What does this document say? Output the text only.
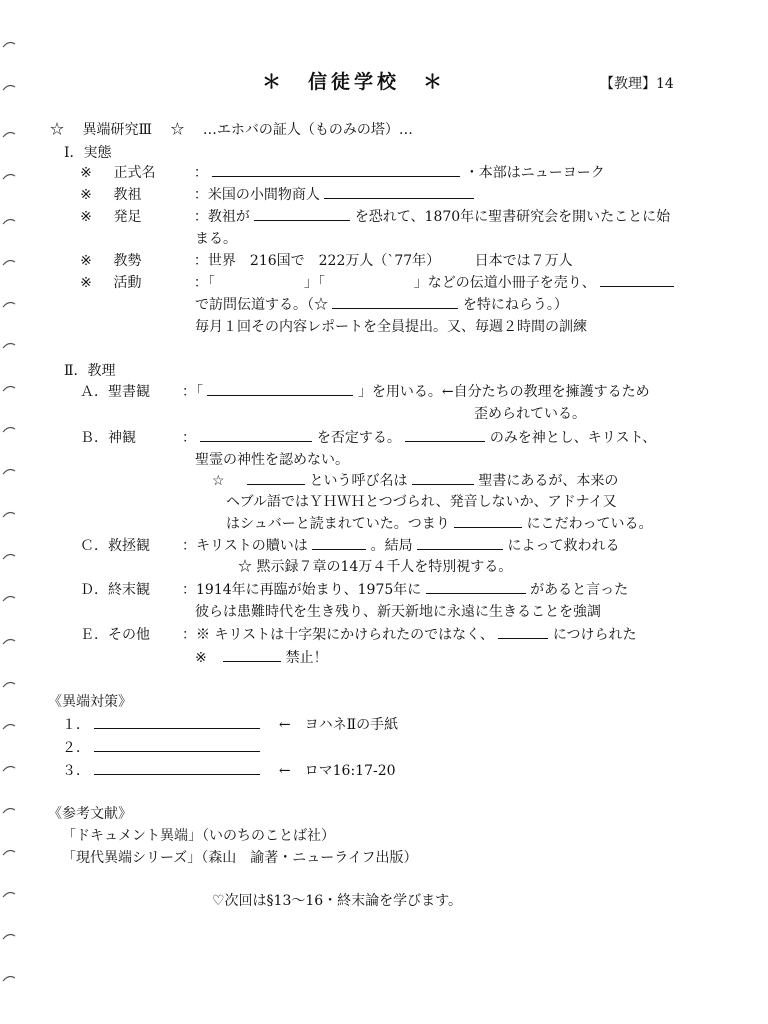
＊　信徒学校　＊	【教理】14
☆　 異端研究Ⅲ　 ☆　 …エホバの証人（ものみの塔）…
Ⅰ．実態
※ 正式名	：	・本部はニューヨーク
※ 教祖	：米国の小間物商人
※ 発足	：教祖が	を恐れて、1870年に聖書研究会を開いたことに始
まる。
※ 教勢	：世界　216国で　222万人（`77年） 日本では７万人
※ 活動	：「	」「	」などの伝道小冊子を売り、
で訪問伝道する。（☆	を特にねらう。）
毎月１回その内容レポートを全員提出。又、毎週２時間の訓練
Ⅱ．教理
Ａ．聖書観 ：「	」を用いる。←自分たちの教理を擁護するため
歪められている。
Ｂ．神観	：	を否定する。	のみを神とし、キリスト、
聖霊の神性を認めない。
☆	という呼び名は	聖書にあるが、本来の
ヘブル語ではＹＨＷＨとつづられ、発音しないか、アドナイ又
はシュバーと読まれていた。つまり	にこだわっている。
Ｃ．救拯観 ：キリストの贖いは	。結局	によって救われる
☆ 黙示録７章の14万４千人を特別視する。
Ｄ．終末観 ：1914年に再臨が始まり、1975年に	があると言った
彼らは患難時代を生き残り、新天新地に永遠に生きることを強調
Ｅ．その他 ：※ キリストは十字架にかけられたのではなく、	につけられた
※	禁止！
《異端対策》
１．	←　ヨハネⅡの手紙
２．
３．	←　ロマ16:17-20
《参考文献》
「ドキュメント異端」（いのちのことば社）
「現代異端シリーズ」（森山　諭著・ニューライフ出版）
♡次回は§13～16・終末論を学びます。
